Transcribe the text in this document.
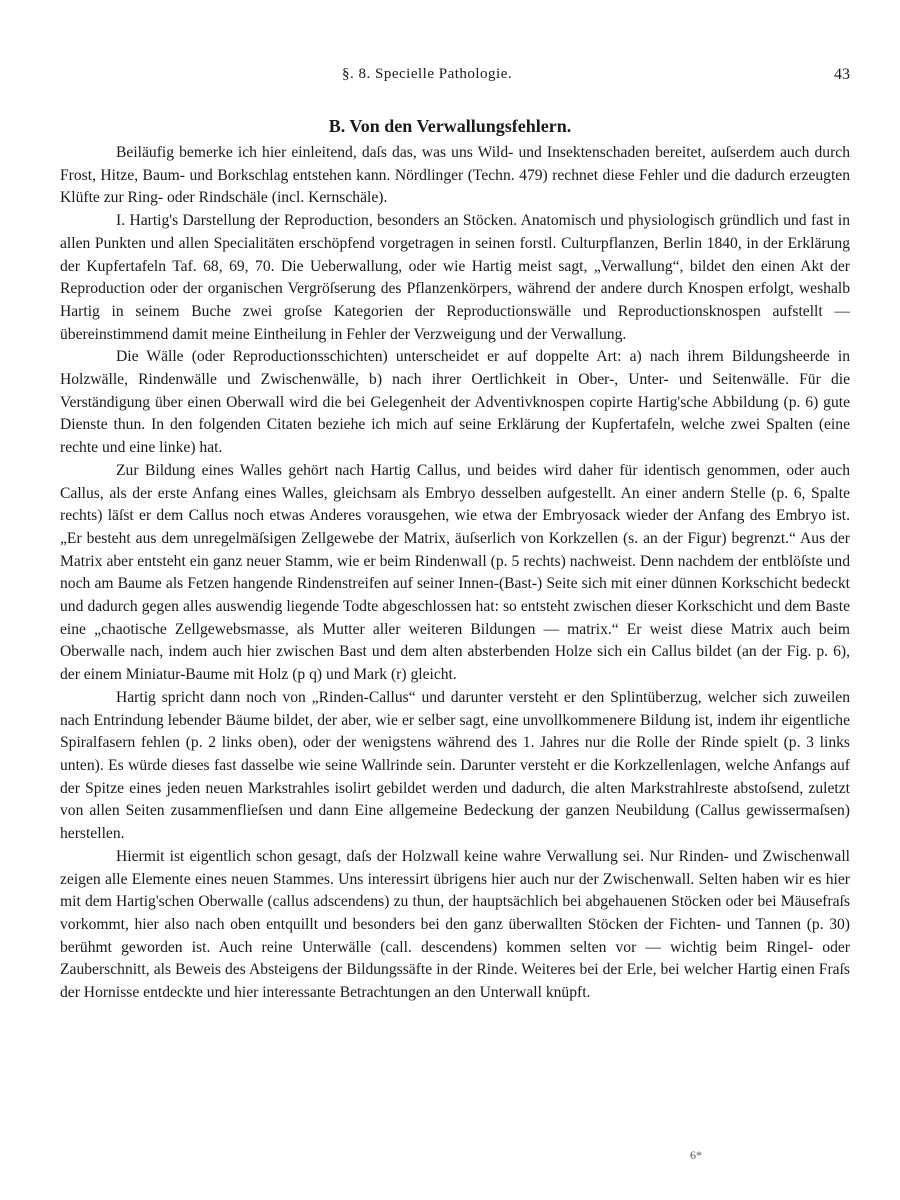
§. 8. Specielle Pathologie.	43
B. Von den Verwallungsfehlern.

Beiläufig bemerke ich hier einleitend, daſs das, was uns Wild- und Insektenschaden bereitet, auſserdem auch durch Frost, Hitze, Baum- und Borkschlag entstehen kann. Nördlinger (Techn. 479) rechnet diese Fehler und die dadurch erzeugten Klüfte zur Ring- oder Rindschäle (incl. Kernschäle).

I. Hartig's Darstellung der Reproduction, besonders an Stöcken. Anatomisch und physiologisch gründlich und fast in allen Punkten und allen Specialitäten erschöpfend vorgetragen in seinen forstl. Culturpflanzen, Berlin 1840, in der Erklärung der Kupfertafeln Taf. 68, 69, 70. Die Ueberwallung, oder wie Hartig meist sagt, „Verwallung“, bildet den einen Akt der Reproduction oder der organischen Vergröſserung des Pflanzenkörpers, während der andere durch Knospen erfolgt, weshalb Hartig in seinem Buche zwei groſse Kategorien der Reproductionswälle und Reproductionsknospen aufstellt — übereinstimmend damit meine Eintheilung in Fehler der Verzweigung und der Verwallung.

Die Wälle (oder Reproductionsschichten) unterscheidet er auf doppelte Art: a) nach ihrem Bildungsheerde in Holzwälle, Rindenwälle und Zwischenwälle, b) nach ihrer Oertlichkeit in Ober-, Unter- und Seitenwälle. Für die Verständigung über einen Oberwall wird die bei Gelegenheit der Adventivknospen copirte Hartig'sche Abbildung (p. 6) gute Dienste thun. In den folgenden Citaten beziehe ich mich auf seine Erklärung der Kupfertafeln, welche zwei Spalten (eine rechte und eine linke) hat.

Zur Bildung eines Walles gehört nach Hartig Callus, und beides wird daher für identisch genommen, oder auch Callus, als der erste Anfang eines Walles, gleichsam als Embryo desselben aufgestellt. An einer andern Stelle (p. 6, Spalte rechts) läſst er dem Callus noch etwas Anderes vorausgehen, wie etwa der Embryosack wieder der Anfang des Embryo ist. „Er besteht aus dem unregelmäſsigen Zellgewebe der Matrix, äuſserlich von Korkzellen (s. an der Figur) begrenzt.“ Aus der Matrix aber entsteht ein ganz neuer Stamm, wie er beim Rindenwall (p. 5 rechts) nachweist. Denn nachdem der entblöſste und noch am Baume als Fetzen hangende Rindenstreifen auf seiner Innen-(Bast-) Seite sich mit einer dünnen Korkschicht bedeckt und dadurch gegen alles auswendig liegende Todte abgeschlossen hat: so entsteht zwischen dieser Korkschicht und dem Baste eine „chaotische Zellgewebsmasse, als Mutter aller weiteren Bildungen — matrix.“ Er weist diese Matrix auch beim Oberwalle nach, indem auch hier zwischen Bast und dem alten absterbenden Holze sich ein Callus bildet (an der Fig. p. 6), der einem Miniatur-Baume mit Holz (p q) und Mark (r) gleicht.

Hartig spricht dann noch von „Rinden-Callus“ und darunter versteht er den Splintüberzug, welcher sich zuweilen nach Entrindung lebender Bäume bildet, der aber, wie er selber sagt, eine unvollkommenere Bildung ist, indem ihr eigentliche Spiralfasern fehlen (p. 2 links oben), oder der wenigstens während des 1. Jahres nur die Rolle der Rinde spielt (p. 3 links unten). Es würde dieses fast dasselbe wie seine Wallrinde sein. Darunter versteht er die Korkzellenlagen, welche Anfangs auf der Spitze eines jeden neuen Markstrahles isolirt gebildet werden und dadurch, die alten Markstrahlreste abstoſsend, zuletzt von allen Seiten zusammenflieſsen und dann Eine allgemeine Bedeckung der ganzen Neubildung (Callus gewissermaſsen) herstellen.

Hiermit ist eigentlich schon gesagt, daſs der Holzwall keine wahre Verwallung sei. Nur Rinden- und Zwischenwall zeigen alle Elemente eines neuen Stammes. Uns interessirt übrigens hier auch nur der Zwischenwall. Selten haben wir es hier mit dem Hartig'schen Oberwalle (callus adscendens) zu thun, der hauptsächlich bei abgehauenen Stöcken oder bei Mäusefraſs vorkommt, hier also nach oben entquillt und besonders bei den ganz überwallten Stöcken der Fichten- und Tannen (p. 30) berühmt geworden ist. Auch reine Unterwälle (call. descendens) kommen selten vor — wichtig beim Ringel- oder Zauberschnitt, als Beweis des Absteigens der Bildungssäfte in der Rinde. Weiteres bei der Erle, bei welcher Hartig einen Fraſs der Hornisse entdeckte und hier interessante Betrachtungen an den Unterwall knüpft.

6*
